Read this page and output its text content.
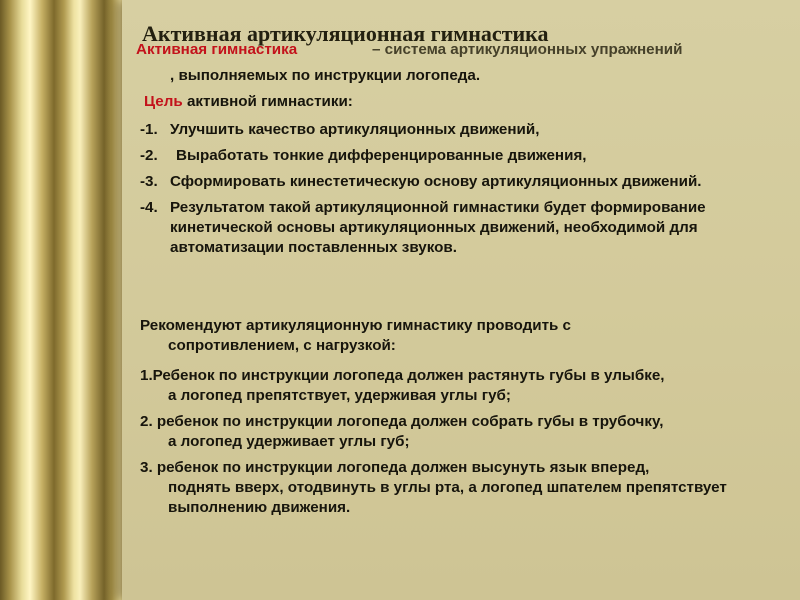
Активная артикуляционная гимнастика
Активная гимнастика	– система артикуляционных упражнений
, выполняемых по инструкции логопеда.
Цель активной гимнастики:
-1. Улучшить качество артикуляционных движений,
-2.	Выработать тонкие дифференцированные движения,
-3. Сформировать кинестетическую основу артикуляционных движений.
-4. Результатом такой артикуляционной гимнастики будет формирование кинетической основы артикуляционных движений, необходимой для автоматизации поставленных звуков.
Рекомендуют артикуляционную гимнастику проводить с
сопротивлением, с нагрузкой:
1.Ребенок по инструкции логопеда должен растянуть губы в улыбке,
а логопед препятствует, удерживая углы губ;
2. ребенок по инструкции логопеда должен собрать губы в трубочку,
а логопед удерживает углы губ;
3. ребенок по инструкции логопеда должен высунуть язык вперед,
поднять вверх, отодвинуть в углы рта, а логопед шпателем препятствует выполнению движения.
